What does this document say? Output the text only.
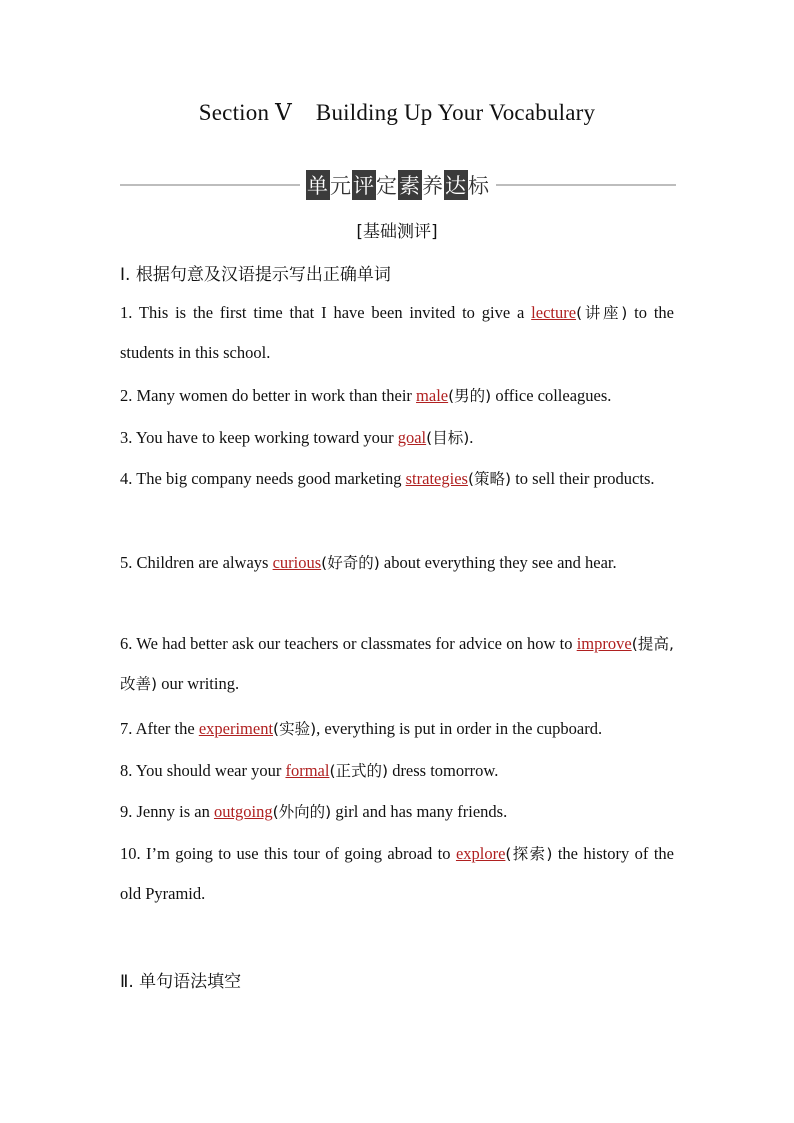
Section Ⅴ Building Up Your Vocabulary
单 元 评 定 素 养 达 标
[基础测评]
Ⅰ. 根据句意及汉语提示写出正确单词
1. This is the first time that I have been invited to give a lecture(讲座) to the students in this school.
2. Many women do better in work than their male(男的) office colleagues.
3. You have to keep working toward your goal(目标).
4. The big company needs good marketing strategies(策略) to sell their products.
5. Children are always curious(好奇的) about everything they see and hear.
6. We had better ask our teachers or classmates for advice on how to improve(提高,改善) our writing.
7. After the experiment(实验), everything is put in order in the cupboard.
8. You should wear your formal(正式的) dress tomorrow.
9. Jenny is an outgoing(外向的) girl and has many friends.
10. I’m going to use this tour of going abroad to explore(探索) the history of the old Pyramid.
Ⅱ. 单句语法填空
